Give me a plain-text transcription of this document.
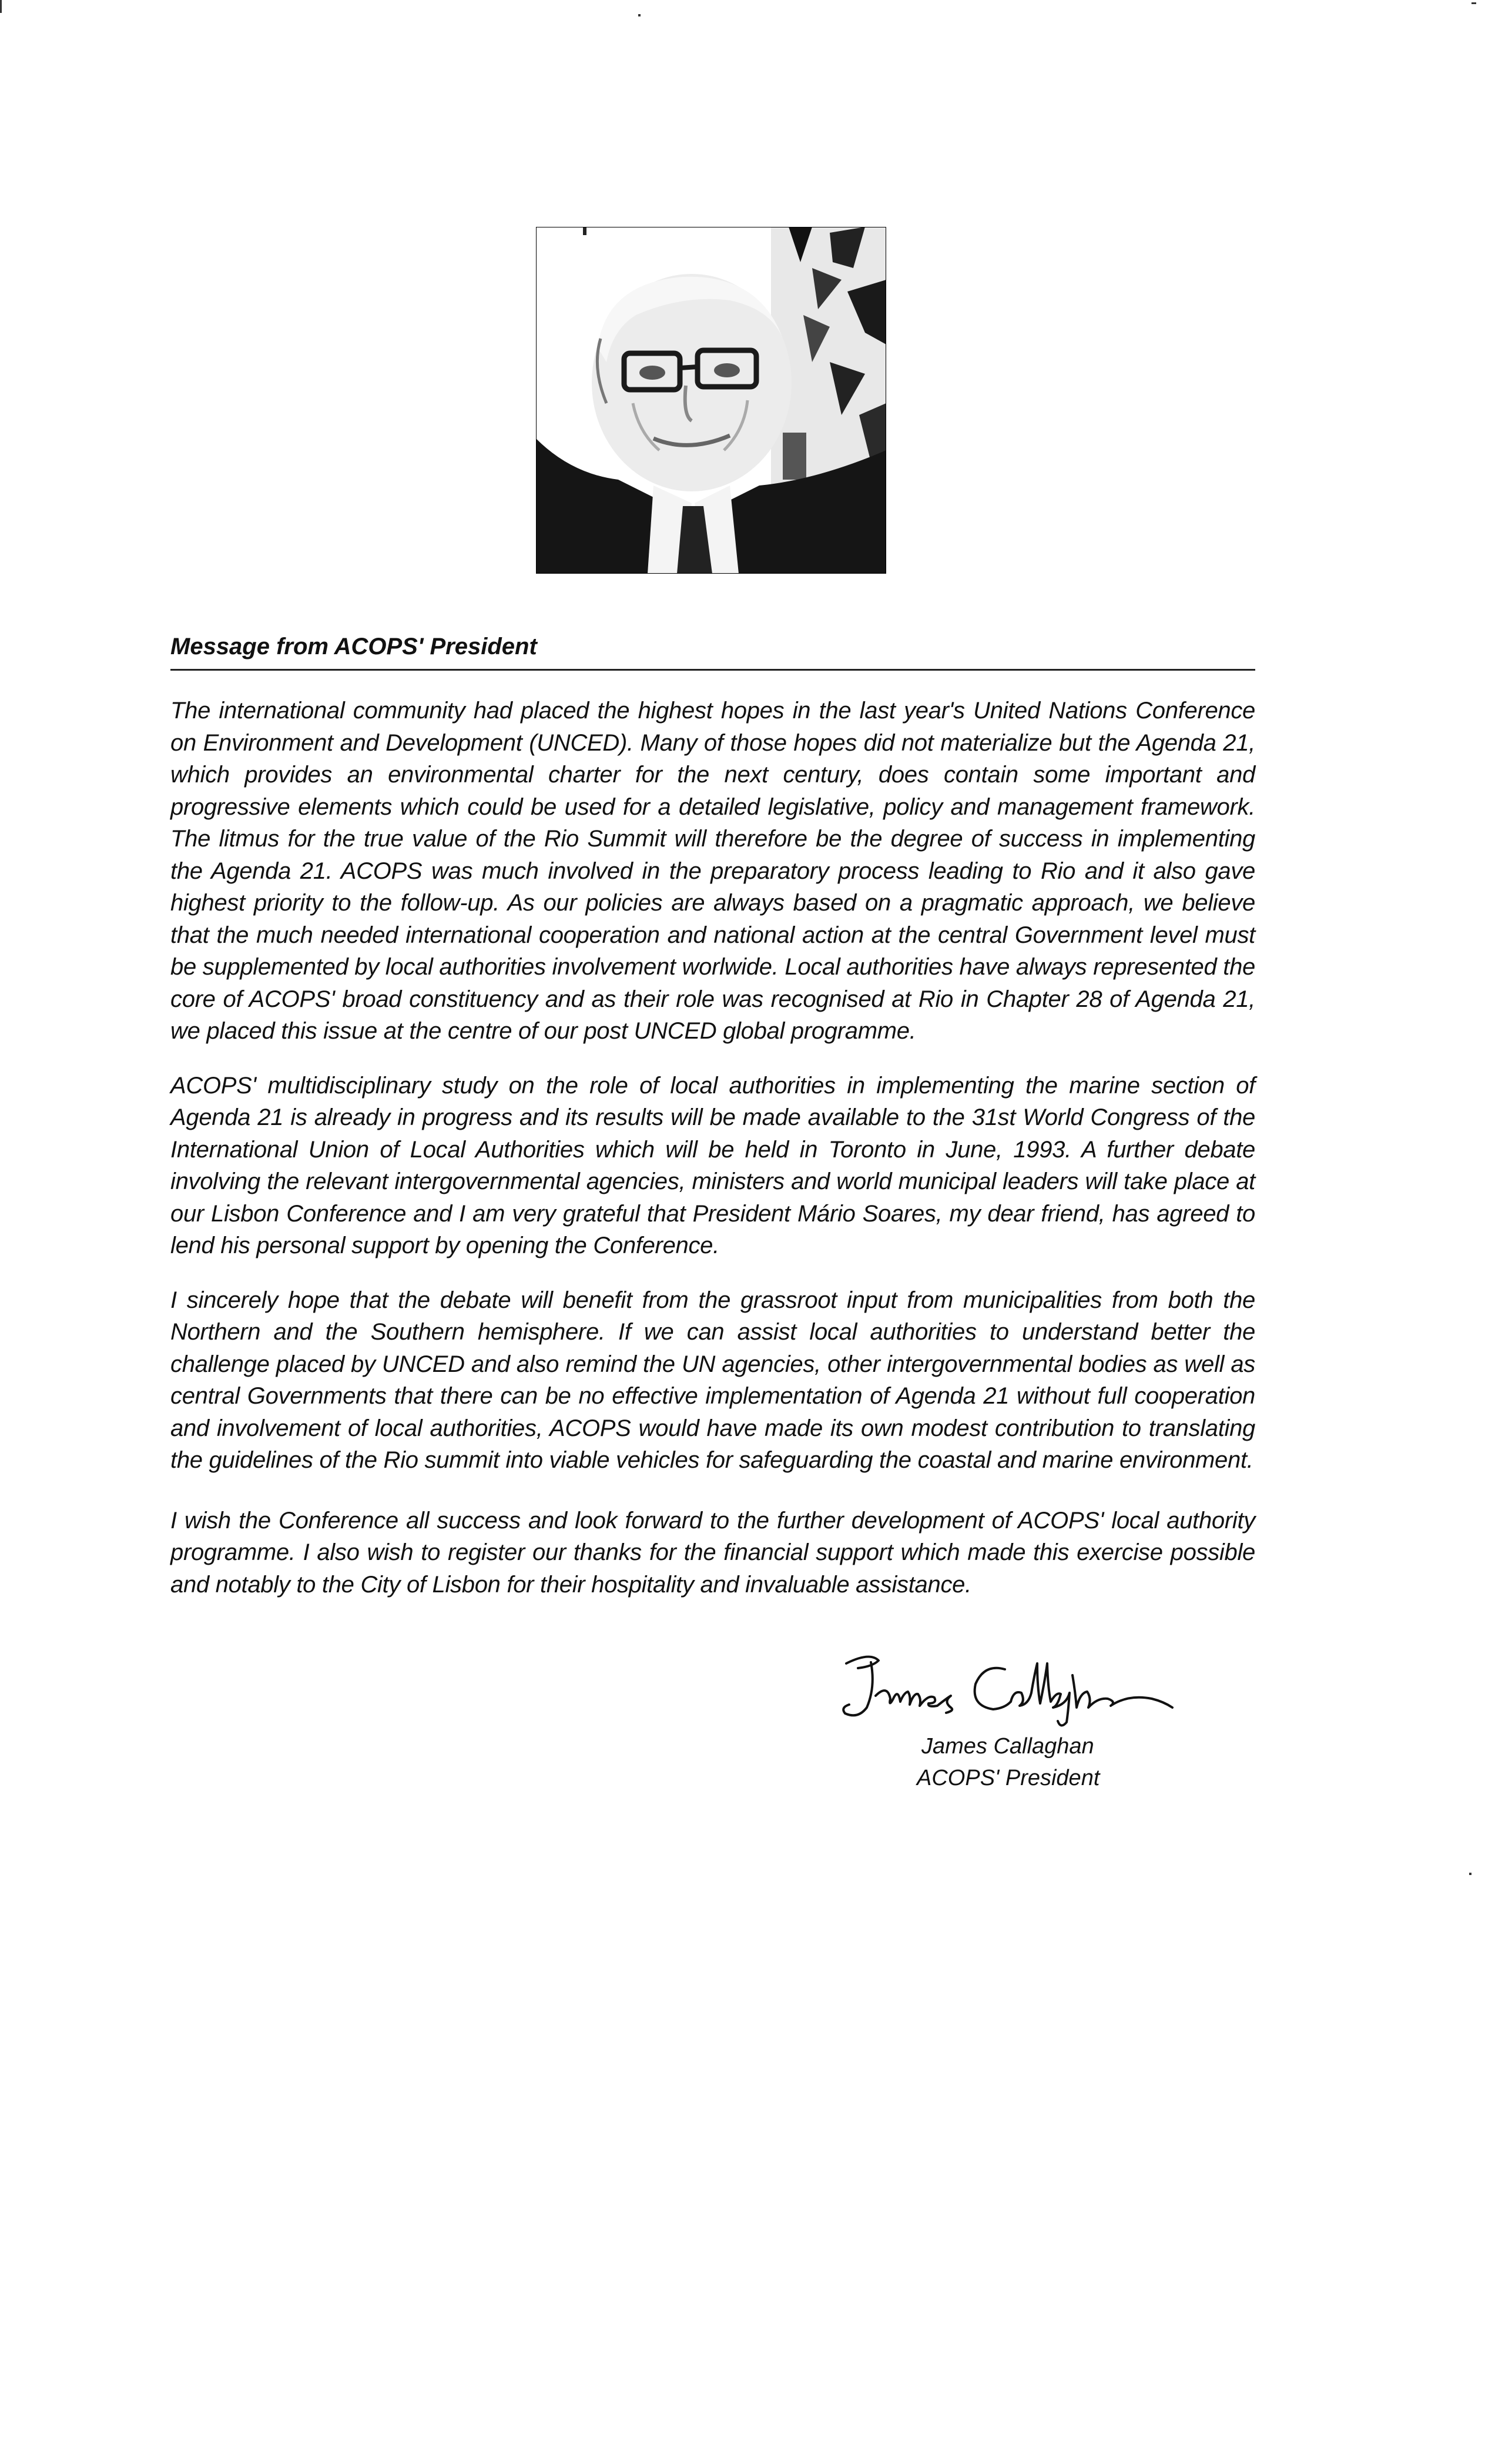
Message from ACOPS' President

The international community had placed the highest hopes in the last year's United Nations Conference on Environment and Development (UNCED). Many of those hopes did not materialize but the Agenda 21, which provides an environmental charter for the next century, does contain some important and progressive elements which could be used for a detailed legislative, policy and management framework. The litmus for the true value of the Rio Summit will therefore be the degree of success in implementing the Agenda 21. ACOPS was much involved in the preparatory process leading to Rio and it also gave highest priority to the follow-up. As our policies are always based on a pragmatic approach, we believe that the much needed international cooperation and national action at the central Government level must be supplemented by local authorities involvement worlwide. Local authorities have always represented the core of ACOPS' broad constituency and as their role was recognised at Rio in Chapter 28 of Agenda 21, we placed this issue at the centre of our post UNCED global programme.

ACOPS' multidisciplinary study on the role of local authorities in implementing the marine section of Agenda 21 is already in progress and its results will be made available to the 31st World Congress of the International Union of Local Authorities which will be held in Toronto in June, 1993. A further debate involving the relevant intergovernmental agencies, ministers and world municipal leaders will take place at our Lisbon Conference and I am very grateful that President Mário Soares, my dear friend, has agreed to lend his personal support by opening the Conference.

I sincerely hope that the debate will benefit from the grassroot input from municipalities from both the Northern and the Southern hemisphere. If we can assist local authorities to understand better the challenge placed by UNCED and also remind the UN agencies, other intergovernmental bodies as well as central Governments that there can be no effective implementation of Agenda 21 without full cooperation and involvement of local authorities, ACOPS would have made its own modest contribution to translating the guidelines of the Rio summit into viable vehicles for safeguarding the coastal and marine environment.

I wish the Conference all success and look forward to the further development of ACOPS' local authority programme. I also wish to register our thanks for the financial support which made this exercise possible and notably to the City of Lisbon for their hospitality and invaluable assistance.

James Callaghan
ACOPS' President
